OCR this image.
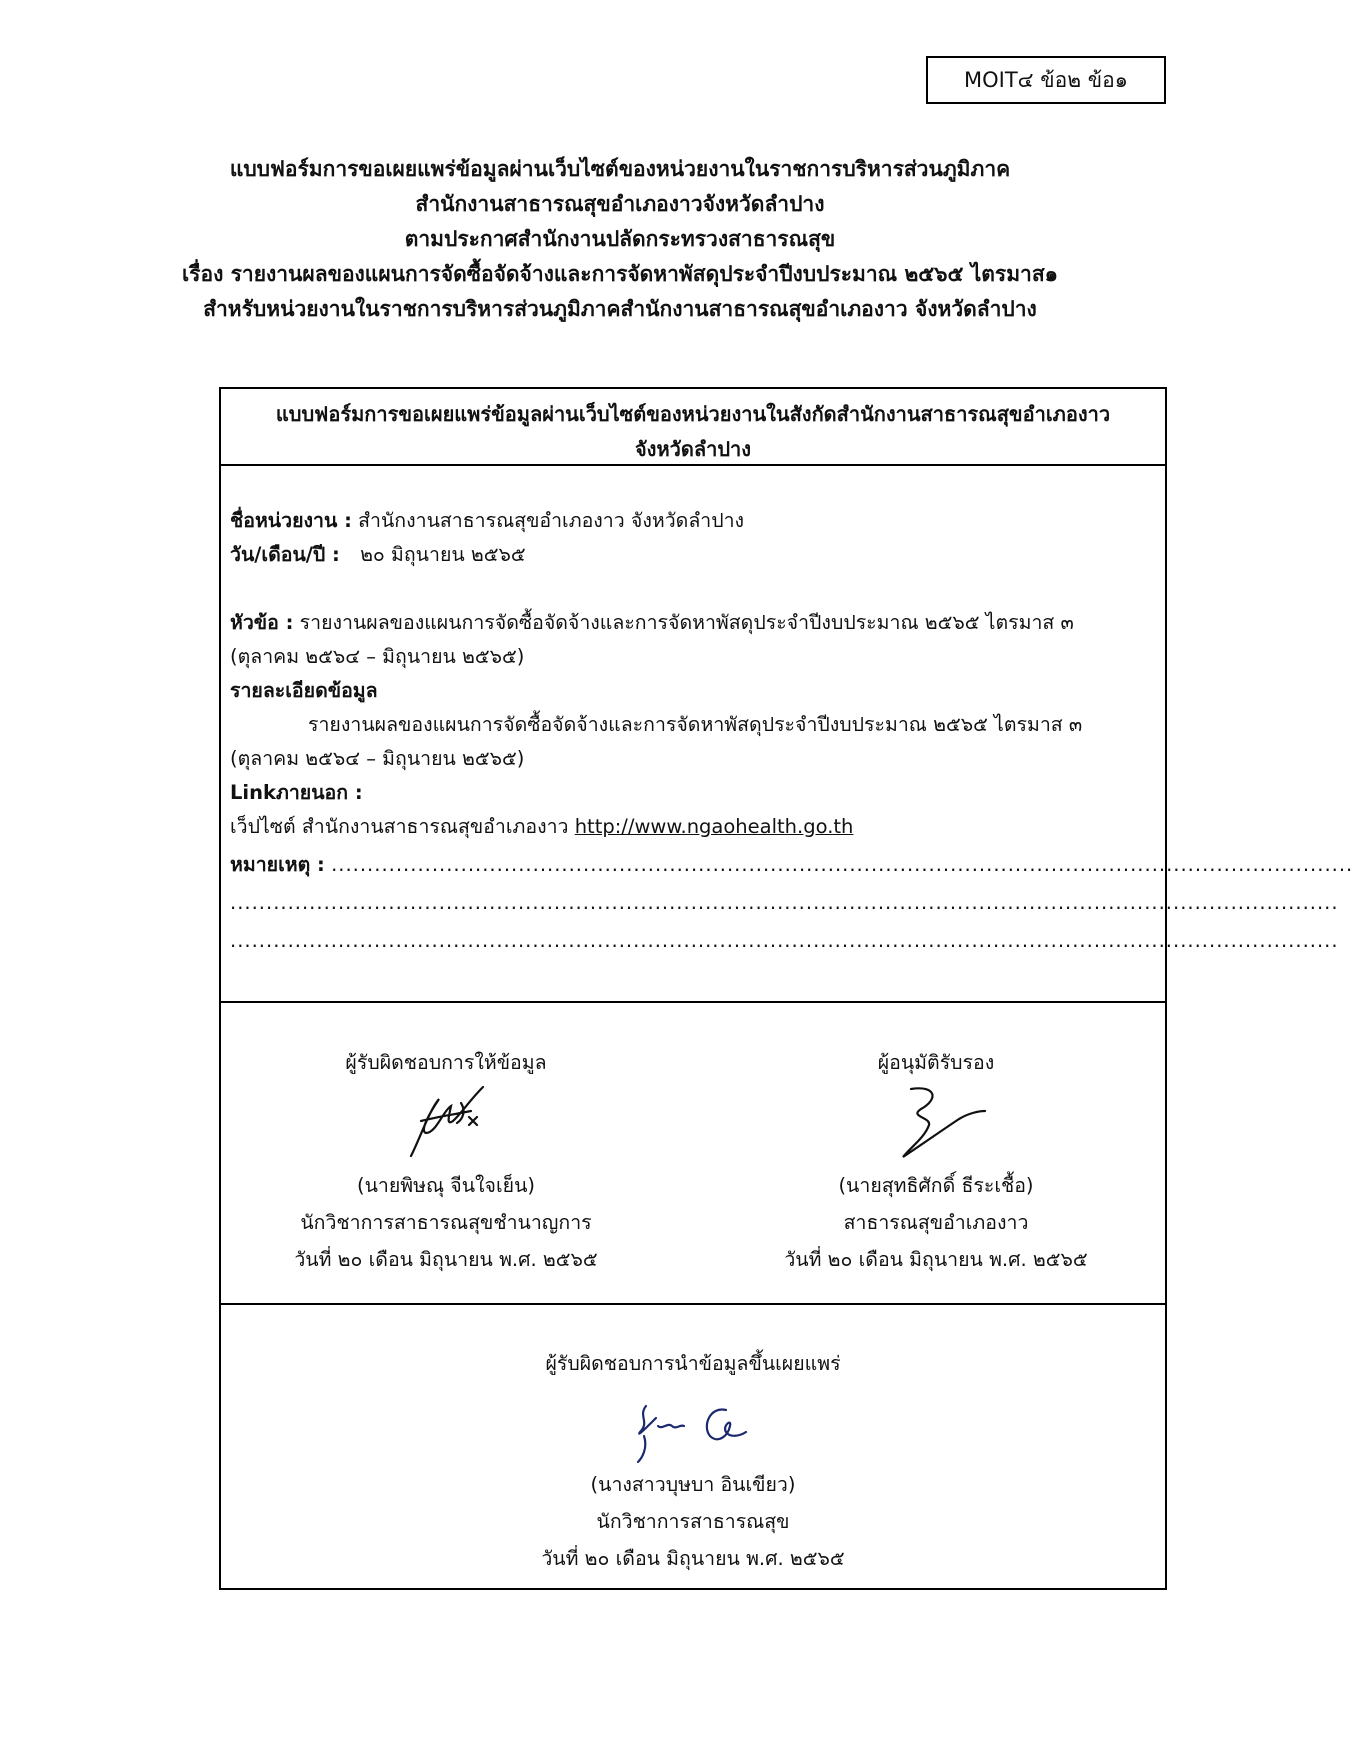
MOIT๔ ข้อ๒ ข้อ๑
แบบฟอร์มการขอเผยแพร่ข้อมูลผ่านเว็บไซต์ของหน่วยงานในราชการบริหารส่วนภูมิภาค
สำนักงานสาธารณสุขอำเภองาวจังหวัดลำปาง
ตามประกาศสำนักงานปลัดกระทรวงสาธารณสุข
เรื่อง รายงานผลของแผนการจัดซื้อจัดจ้างและการจัดหาพัสดุประจำปีงบประมาณ ๒๕๖๕ ไตรมาส๑
สำหรับหน่วยงานในราชการบริหารส่วนภูมิภาคสำนักงานสาธารณสุขอำเภองาว จังหวัดลำปาง
แบบฟอร์มการขอเผยแพร่ข้อมูลผ่านเว็บไซต์ของหน่วยงานในสังกัดสำนักงานสาธารณสุขอำเภองาว
จังหวัดลำปาง
ชื่อหน่วยงาน : สำนักงานสาธารณสุขอำเภองาว จังหวัดลำปาง
วัน/เดือน/ปี : ๒๐ มิถุนายน ๒๕๖๕
หัวข้อ : รายงานผลของแผนการจัดซื้อจัดจ้างและการจัดหาพัสดุประจำปีงบประมาณ ๒๕๖๕ ไตรมาส ๓
(ตุลาคม ๒๕๖๔ – มิถุนายน ๒๕๖๕)
รายละเอียดข้อมูล
รายงานผลของแผนการจัดซื้อจัดจ้างและการจัดหาพัสดุประจำปีงบประมาณ ๒๕๖๕ ไตรมาส ๓
(ตุลาคม ๒๕๖๔ – มิถุนายน ๒๕๖๕)
Linkภายนอก :
เว็ปไซต์ สำนักงานสาธารณสุขอำเภองาว http://www.ngaohealth.go.th
หมายเหตุ : ..............................................................................................................................................
..........................................................................................................................................................
..........................................................................................................................................................
ผู้รับผิดชอบการให้ข้อมูล
(นายพิษณุ จีนใจเย็น)
นักวิชาการสาธารณสุขชำนาญการ
วันที่ ๒๐ เดือน มิถุนายน พ.ศ. ๒๕๖๕
ผู้อนุมัติรับรอง
(นายสุทธิศักดิ์ ธีระเชื้อ)
สาธารณสุขอำเภองาว
วันที่ ๒๐ เดือน มิถุนายน พ.ศ. ๒๕๖๕
ผู้รับผิดชอบการนำข้อมูลขึ้นเผยแพร่
(นางสาวบุษบา อินเขียว)
นักวิชาการสาธารณสุข
วันที่ ๒๐ เดือน มิถุนายน พ.ศ. ๒๕๖๕
